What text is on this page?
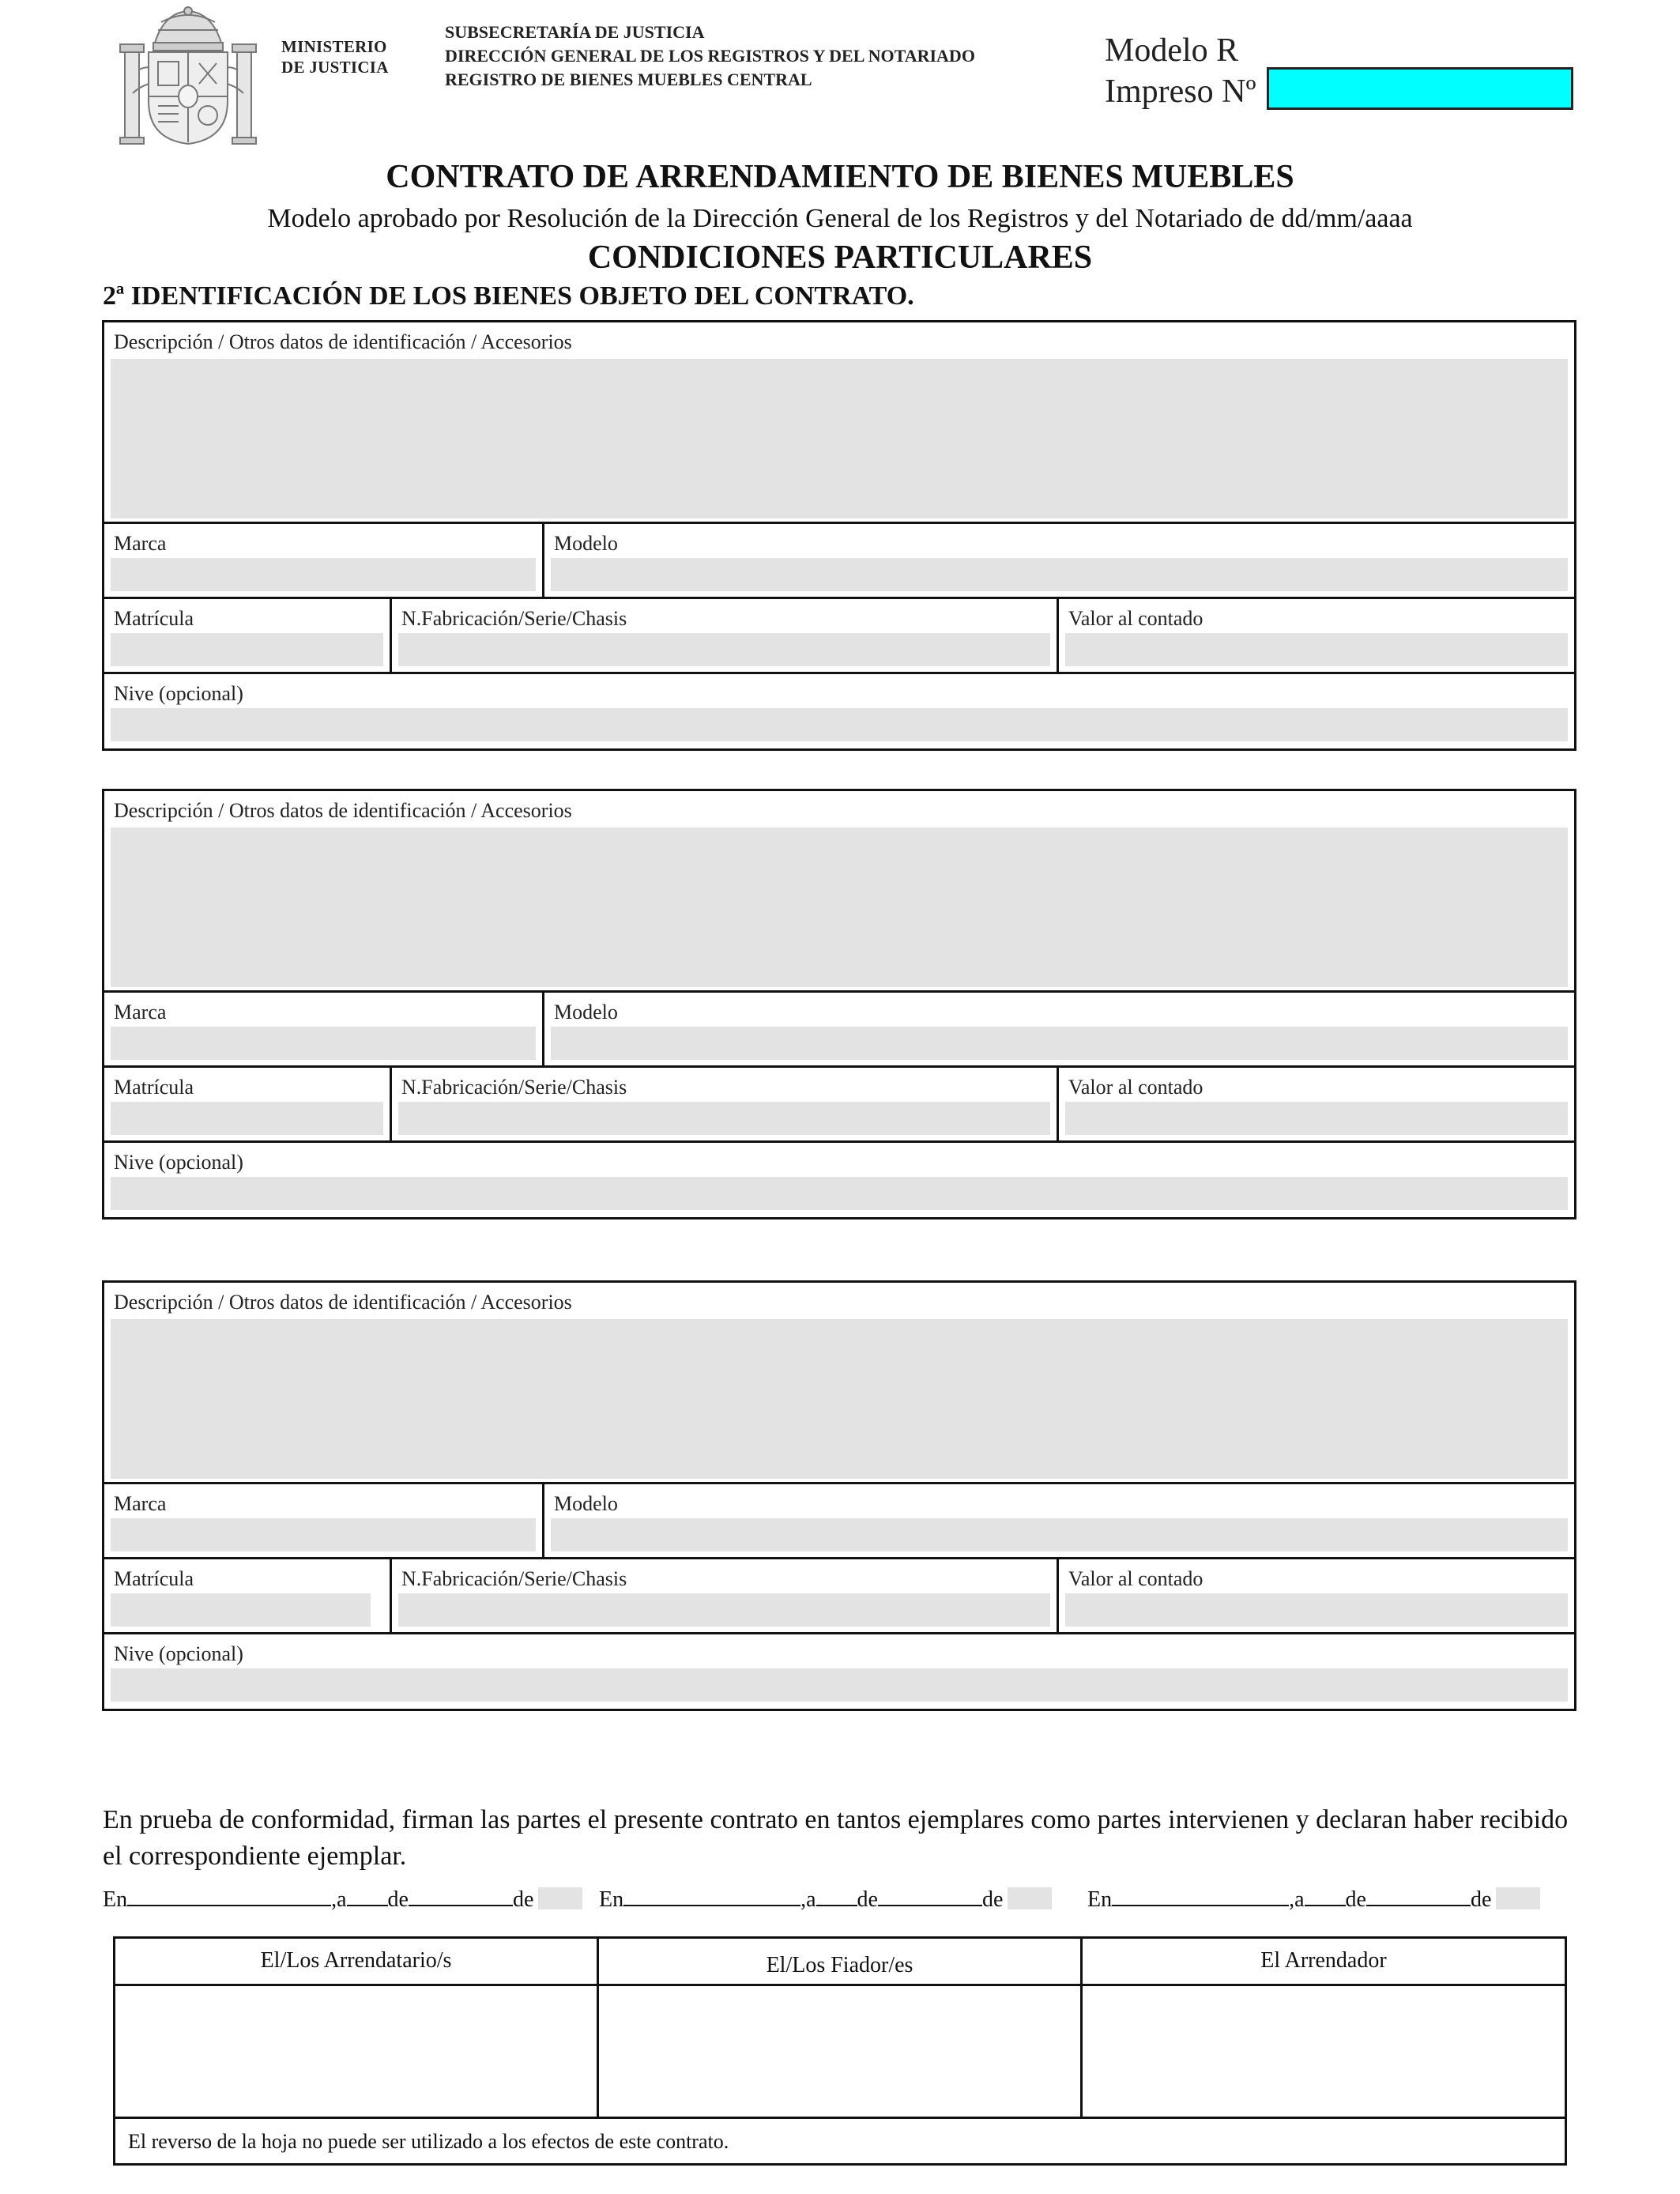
MINISTERIO
DE JUSTICIA
SUBSECRETARÍA DE JUSTICIA
DIRECCIÓN GENERAL DE LOS REGISTROS Y DEL NOTARIADO
REGISTRO DE BIENES MUEBLES CENTRAL
Modelo R
Impreso Nº
CONTRATO DE ARRENDAMIENTO DE BIENES MUEBLES
Modelo aprobado por Resolución de la Dirección General de los Registros y del Notariado de dd/mm/aaaa
CONDICIONES PARTICULARES
2ª IDENTIFICACIÓN DE LOS BIENES OBJETO DEL CONTRATO.
Descripción / Otros datos de identificación / Accesorios
Marca	Modelo
Matrícula	N.Fabricación/Serie/Chasis	Valor al contado
Nive (opcional)
Descripción / Otros datos de identificación / Accesorios
Marca	Modelo
Matrícula	N.Fabricación/Serie/Chasis	Valor al contado
Nive (opcional)
Descripción / Otros datos de identificación / Accesorios
Marca	Modelo
Matrícula	N.Fabricación/Serie/Chasis	Valor al contado
Nive (opcional)
En prueba de conformidad, firman las partes el presente contrato en tantos ejemplares como partes intervienen y declaran haber recibido el correspondiente ejemplar.
En	,a de	de	En	,a de	de	En	,a de	de
El/Los Arrendatario/s	El/Los Fiador/es	El Arrendador
El reverso de la hoja no puede ser utilizado a los efectos de este contrato.
